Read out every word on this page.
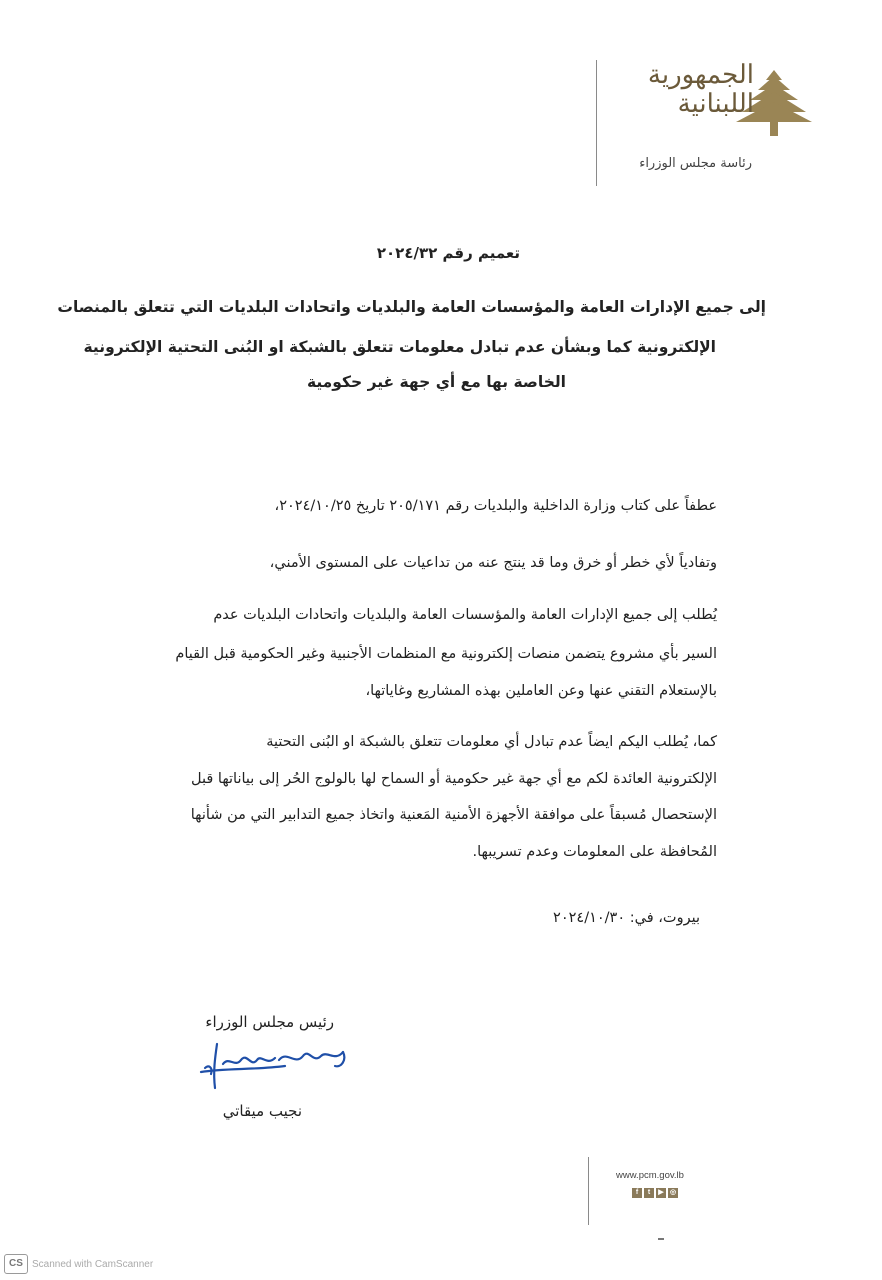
الجمهورية
اللبنانية
رئاسة مجلس الوزراء
تعميم رقم ٢٠٢٤/٣٢
إلى جميع الإدارات العامة والمؤسسات العامة والبلديات واتحادات البلديات التي تتعلق بالمنصات
الإلكترونية كما وبشأن عدم تبادل معلومات تتعلق بالشبكة او البُنى التحتية الإلكترونية
الخاصة بها مع أي جهة غير حكومية
عطفاً على كتاب وزارة الداخلية والبلديات رقم ٢٠٥/١٧١ تاريخ ٢٠٢٤/١٠/٢٥،
وتفادياً لأي خطر أو خرق وما قد ينتج عنه من تداعيات على المستوى الأمني،
يُطلب إلى جميع الإدارات العامة والمؤسسات العامة والبلديات واتحادات البلديات عدم
السير بأي مشروع يتضمن منصات إلكترونية مع المنظمات الأجنبية وغير الحكومية قبل القيام
بالإستعلام التقني عنها وعن العاملين بهذه المشاريع وغاياتها،
كما، يُطلب اليكم ايضاً عدم تبادل أي معلومات تتعلق بالشبكة او البُنى التحتية
الإلكترونية العائدة لكم مع أي جهة غير حكومية أو السماح لها بالولوج الحُر إلى بياناتها قبل
الإستحصال مُسبقاً على موافقة الأجهزة الأمنية المَعنية واتخاذ جميع التدابير التي من شأنها
المُحافظة على المعلومات وعدم تسريبها.
بيروت، في: ٢٠٢٤/١٠/٣٠
رئيس مجلس الوزراء
نجيب ميقاتي
www.pcm.gov.lb
f	t	▶ ◎
CS Scanned with CamScanner
